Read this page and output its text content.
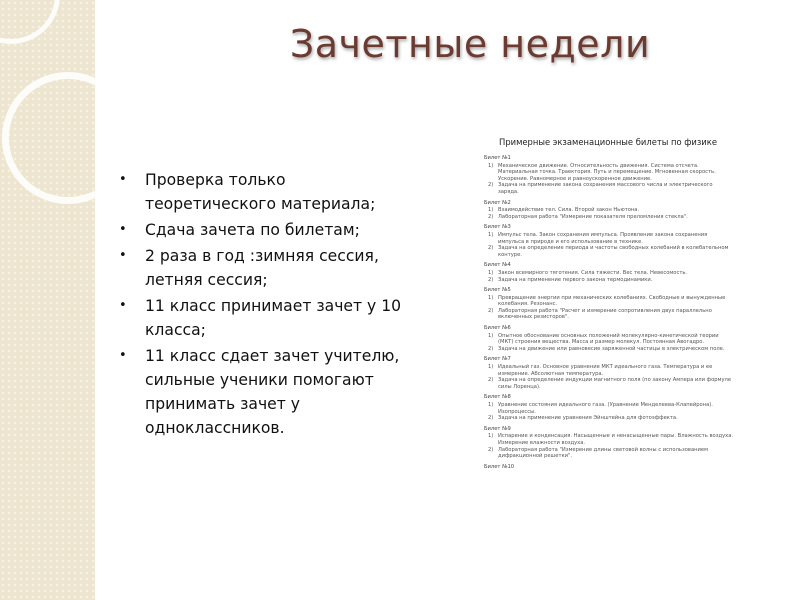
Зачетные недели
• Проверка только теоретического материала;
• Сдача зачета по билетам;
• 2 раза в год :зимняя сессия, летняя сессия;
• 11 класс принимает зачет у 10 класса;
• 11 класс сдает зачет учителю, сильные ученики помогают принимать зачет у одноклассников.
Примерные экзаменационные билеты по физике
Билет №1
1) Механическое движение. Относительность движения. Система отсчета. Материальная точка. Траектория. Путь и перемещение. Мгновенная скорость. Ускорение. Равномерное и равноускоренное движение.
2) Задача на применение закона сохранения массового числа и электрического заряда.
Билет №2
1) Взаимодействие тел. Сила. Второй закон Ньютона.
2) Лабораторная работа "Измерение показателя преломления стекла".
Билет №3
1) Импульс тела. Закон сохранения импульса. Проявление закона сохранения импульса в природе и его использование в технике.
2) Задача на определение периода и частоты свободных колебаний в колебательном контуре.
Билет №4
1) Закон всемирного тяготения. Сила тяжести. Вес тела. Невесомость.
2) Задача на применение первого закона термодинамики.
Билет №5
1) Превращение энергии при механических колебаниях. Свободные и вынужденные колебания. Резонанс.
2) Лабораторная работа "Расчет и измерение сопротивления двух параллельно включенных резисторов".
Билет №6
1) Опытное обоснование основных положений молекулярно-кинетической теории (МКТ) строения вещества. Масса и размер молекул. Постоянная Авогадро.
2) Задача на движение или равновесие заряженной частицы в электрическом поле.
Билет №7
1) Идеальный газ. Основное уравнение МКТ идеального газа. Температура и ее измерение. Абсолютная температура.
2) Задача на определение индукции магнитного поля (по закону Ампера или формуле силы Лоренца).
Билет №8
1) Уравнение состояния идеального газа. (Уравнение Менделеева-Клапейрона). Изопроцессы.
2) Задача на применение уравнения Эйнштейна для фотоэффекта.
Билет №9
1) Испарение и конденсация. Насыщенные и ненасыщенные пары. Влажность воздуха. Измерение влажности воздуха.
2) Лабораторная работа "Измерение длины световой волны с использованием дифракционной решетки".
Билет №10
